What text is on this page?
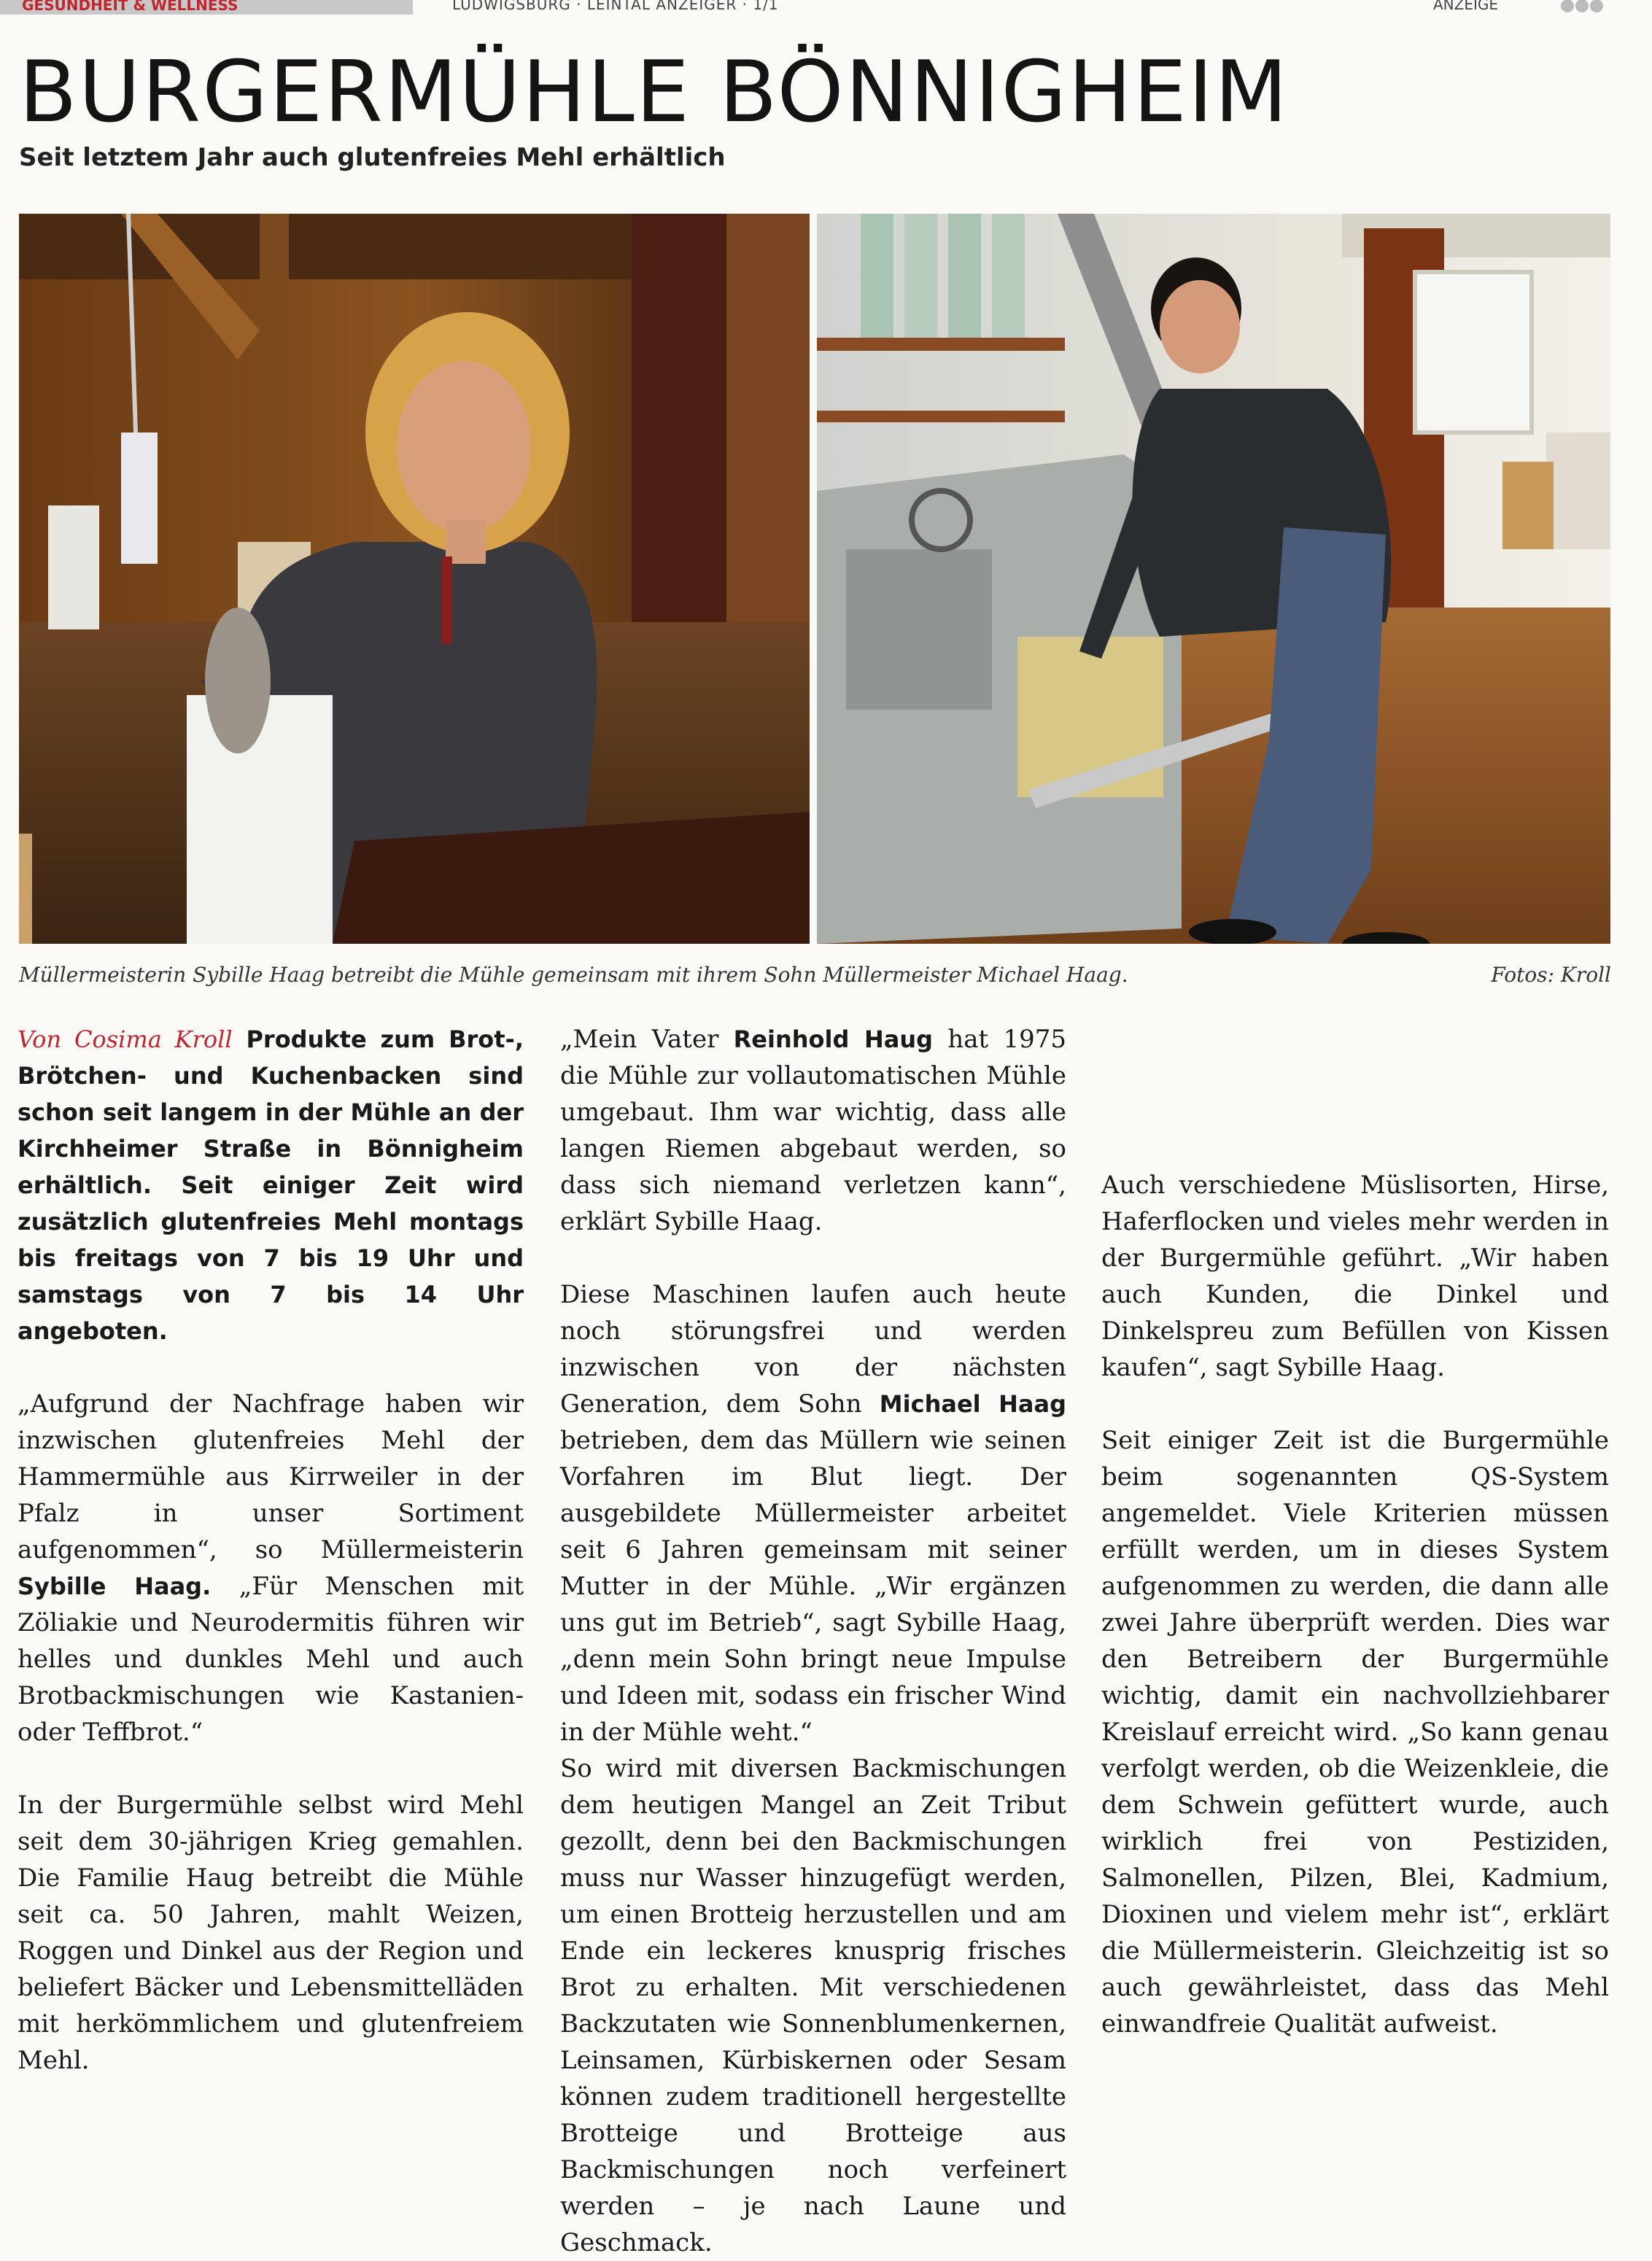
GESUNDHEIT & WELLNESS	LUDWIGSBURG · LEINTAL ANZEIGER · 1/1	ANZEIGE
BURGERMÜHLE BÖNNIGHEIM
Seit letztem Jahr auch glutenfreies Mehl erhältlich
Müllermeisterin Sybille Haag betreibt die Mühle gemeinsam mit ihrem Sohn Müllermeister Michael Haag.	Fotos: Kroll

Von Cosima Kroll Produkte zum Brot-, Brötchen- und Kuchenbacken sind schon seit langem in der Mühle an der Kirchheimer Straße in Bönnigheim erhältlich. Seit einiger Zeit wird zusätzlich glutenfreies Mehl montags bis freitags von 7 bis 19 Uhr und samstags von 7 bis 14 Uhr angeboten.

„Aufgrund der Nachfrage haben wir inzwischen glutenfreies Mehl der Hammermühle aus Kirrweiler in der Pfalz in unser Sortiment aufgenommen“, so Müllermeisterin Sybille Haag. „Für Menschen mit Zöliakie und Neurodermitis führen wir helles und dunkles Mehl und auch Brotbackmischungen wie Kastanien- oder Teffbrot.“

In der Burgermühle selbst wird Mehl seit dem 30-jährigen Krieg gemahlen. Die Familie Haug betreibt die Mühle seit ca. 50 Jahren, mahlt Weizen, Roggen und Dinkel aus der Region und beliefert Bäcker und Lebensmittelläden mit herkömmlichem und glutenfreiem Mehl.

„Mein Vater Reinhold Haug hat 1975 die Mühle zur vollautomatischen Mühle umgebaut. Ihm war wichtig, dass alle langen Riemen abgebaut werden, so dass sich niemand verletzen kann“, erklärt Sybille Haag.

Diese Maschinen laufen auch heute noch störungsfrei und werden inzwischen von der nächsten Generation, dem Sohn Michael Haag betrieben, dem das Müllern wie seinen Vorfahren im Blut liegt. Der ausgebildete Müllermeister arbeitet seit 6 Jahren gemeinsam mit seiner Mutter in der Mühle. „Wir ergänzen uns gut im Betrieb“, sagt Sybille Haag, „denn mein Sohn bringt neue Impulse und Ideen mit, sodass ein frischer Wind in der Mühle weht.“

So wird mit diversen Backmischungen dem heutigen Mangel an Zeit Tribut gezollt, denn bei den Backmischungen muss nur Wasser hinzugefügt werden, um einen Brotteig herzustellen und am Ende ein leckeres knusprig frisches Brot zu erhalten. Mit verschiedenen Backzutaten wie Sonnenblumenkernen, Leinsamen, Kürbiskernen oder Sesam können zudem traditionell hergestellte Brotteige und Brotteige aus Backmischungen noch verfeinert werden – je nach Laune und Geschmack.

Auch verschiedene Müslisorten, Hirse, Haferflocken und vieles mehr werden in der Burgermühle geführt. „Wir haben auch Kunden, die Dinkel und Dinkelspreu zum Befüllen von Kissen kaufen“, sagt Sybille Haag.

Seit einiger Zeit ist die Burgermühle beim sogenannten QS-System angemeldet. Viele Kriterien müssen erfüllt werden, um in dieses System aufgenommen zu werden, die dann alle zwei Jahre überprüft werden. Dies war den Betreibern der Burgermühle wichtig, damit ein nachvollziehbarer Kreislauf erreicht wird. „So kann genau verfolgt werden, ob die Weizenkleie, die dem Schwein gefüttert wurde, auch wirklich frei von Pestiziden, Salmonellen, Pilzen, Blei, Kadmium, Dioxinen und vielem mehr ist“, erklärt die Müllermeisterin. Gleichzeitig ist so auch gewährleistet, dass das Mehl einwandfreie Qualität aufweist.
